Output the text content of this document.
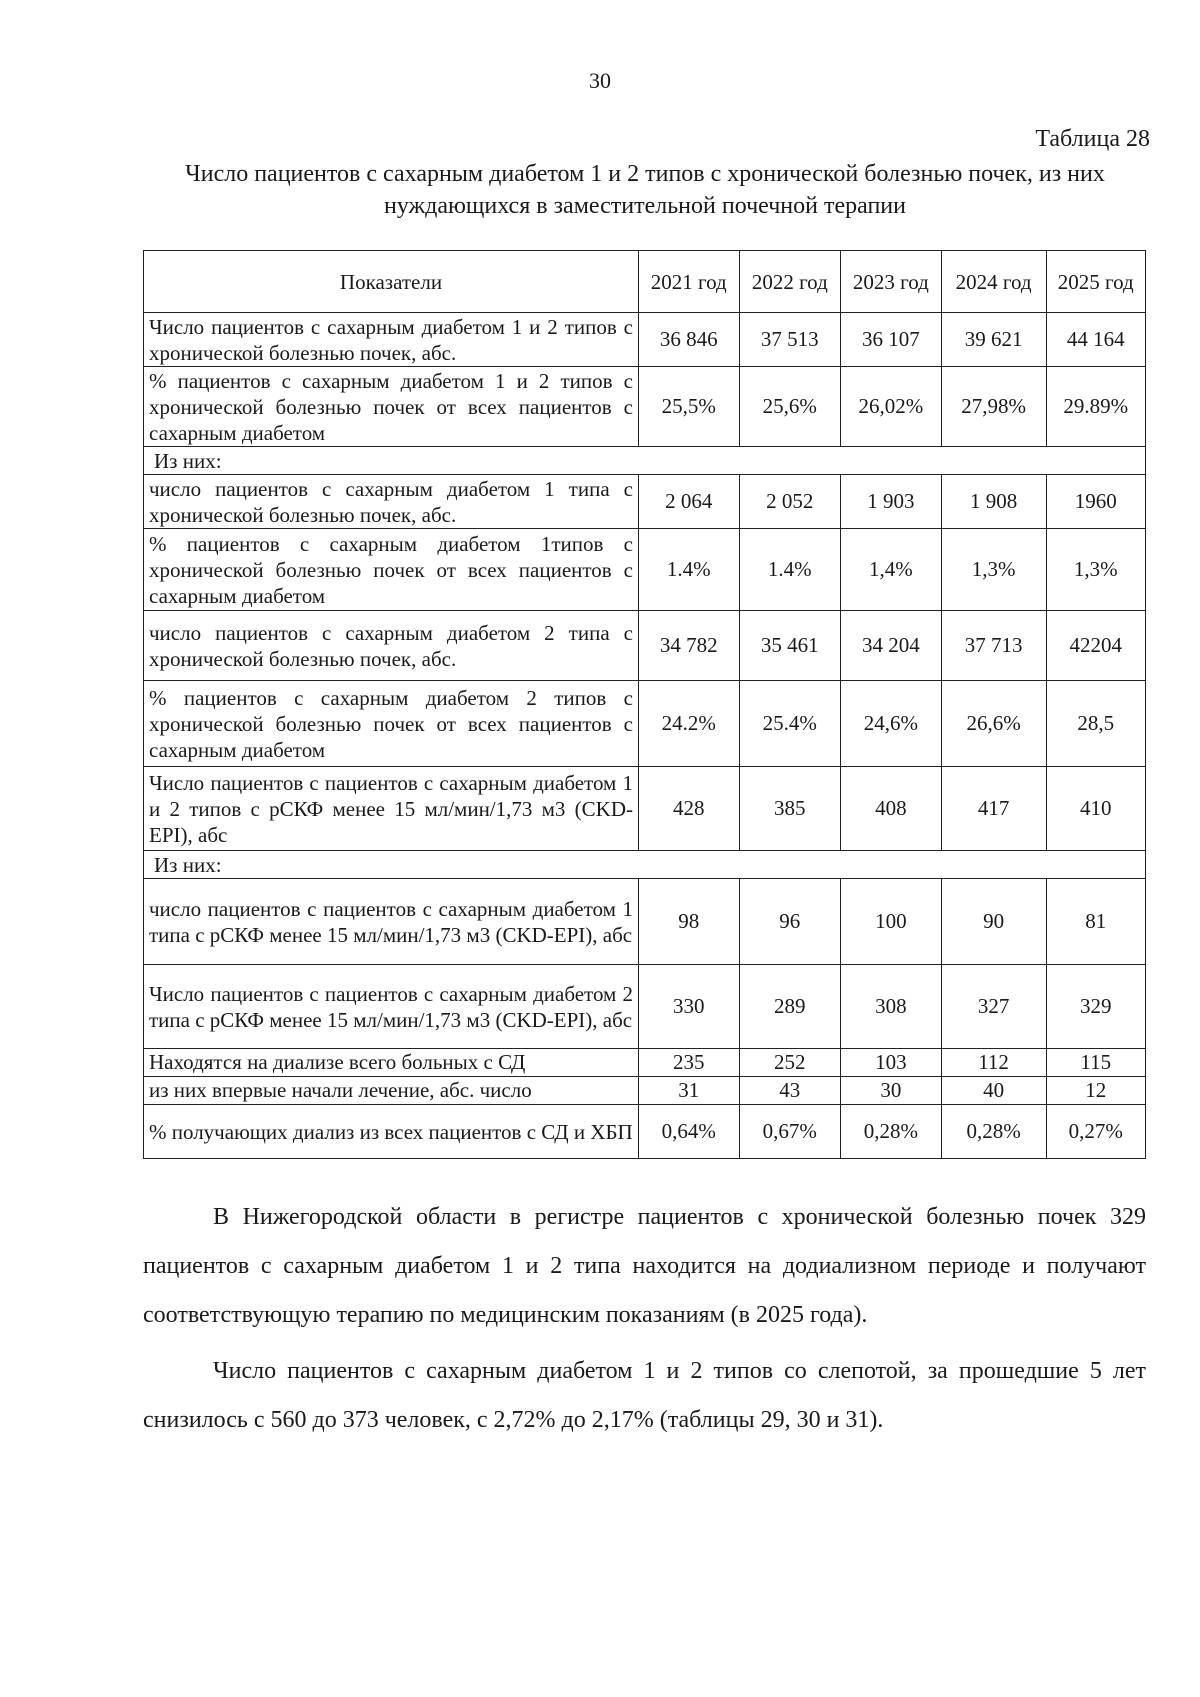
30
Таблица 28
Число пациентов с сахарным диабетом 1 и 2 типов с хронической болезнью почек, из них нуждающихся в заместительной почечной терапии
Показатели	2021 год	2022 год	2023 год	2024 год	2025 год
Число пациентов с сахарным диабетом 1 и 2 типов с хронической болезнью почек, абс.	36 846	37 513	36 107	39 621	44 164
% пациентов с сахарным диабетом 1 и 2 типов с хронической болезнью почек от всех пациентов с сахарным диабетом	25,5%	25,6%	26,02%	27,98%	29.89%
Из них:					
число пациентов с сахарным диабетом 1 типа с хронической болезнью почек, абс.	2 064	2 052	1 903	1 908	1960
% пациентов с сахарным диабетом 1типов с хронической болезнью почек от всех пациентов с сахарным диабетом	1.4%	1.4%	1,4%	1,3%	1,3%
число пациентов с сахарным диабетом 2 типа с хронической болезнью почек, абс.	34 782	35 461	34 204	37 713	42204
% пациентов с сахарным диабетом 2 типов с хронической болезнью почек от всех пациентов с сахарным диабетом	24.2%	25.4%	24,6%	26,6%	28,5
Число пациентов с пациентов с сахарным диабетом 1 и 2 типов с рСКФ менее 15 мл/мин/1,73 м3 (CKD-EPI), абс	428	385	408	417	410
Из них:					
число пациентов с пациентов с сахарным диабетом 1 типа с рСКФ менее 15 мл/мин/1,73 м3 (CKD-EPI), абс	98	96	100	90	81
Число пациентов с пациентов с сахарным диабетом 2 типа с рСКФ менее 15 мл/мин/1,73 м3 (CKD-EPI), абс	330	289	308	327	329
Находятся на диализе всего больных с СД	235	252	103	112	115
из них впервые начали лечение, абс. число	31	43	30	40	12
% получающих диализ из всех пациентов с СД и ХБП	0,64%	0,67%	0,28%	0,28%	0,27%

В Нижегородской области в регистре пациентов с хронической болезнью почек 329 пациентов с сахарным диабетом 1 и 2 типа находится на додиализном периоде и получают соответствующую терапию по медицинским показаниям (в 2025 года).

Число пациентов с сахарным диабетом 1 и 2 типов со слепотой, за прошедшие 5 лет снизилось с 560 до 373 человек, с 2,72% до 2,17% (таблицы 29, 30 и 31).
